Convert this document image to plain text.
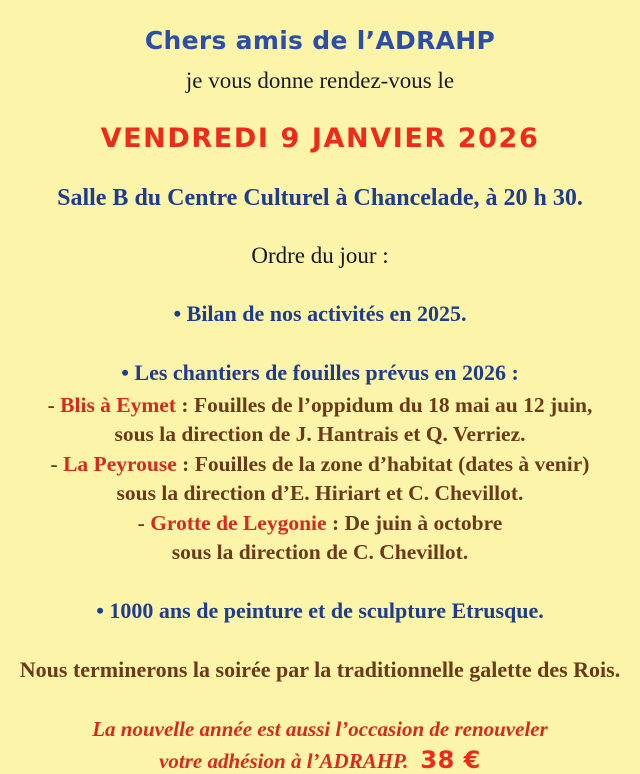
Chers amis de l’ADRAHP
je vous donne rendez-vous le
VENDREDI 9 JANVIER 2026
Salle B du Centre Culturel à Chancelade, à 20 h 30.
Ordre du jour :
• Bilan de nos activités en 2025.
• Les chantiers de fouilles prévus en 2026 :
- Blis à Eymet : Fouilles de l’oppidum du 18 mai au 12 juin,
sous la direction de J. Hantrais et Q. Verriez.
- La Peyrouse : Fouilles de la zone d’habitat (dates à venir)
sous la direction d’E. Hiriart et C. Chevillot.
- Grotte de Leygonie : De juin à octobre
sous la direction de C. Chevillot.
• 1000 ans de peinture et de sculpture Etrusque.
Nous terminerons la soirée par la traditionnelle galette des Rois.
La nouvelle année est aussi l’occasion de renouveler
votre adhésion à l’ADRAHP. 38 €
